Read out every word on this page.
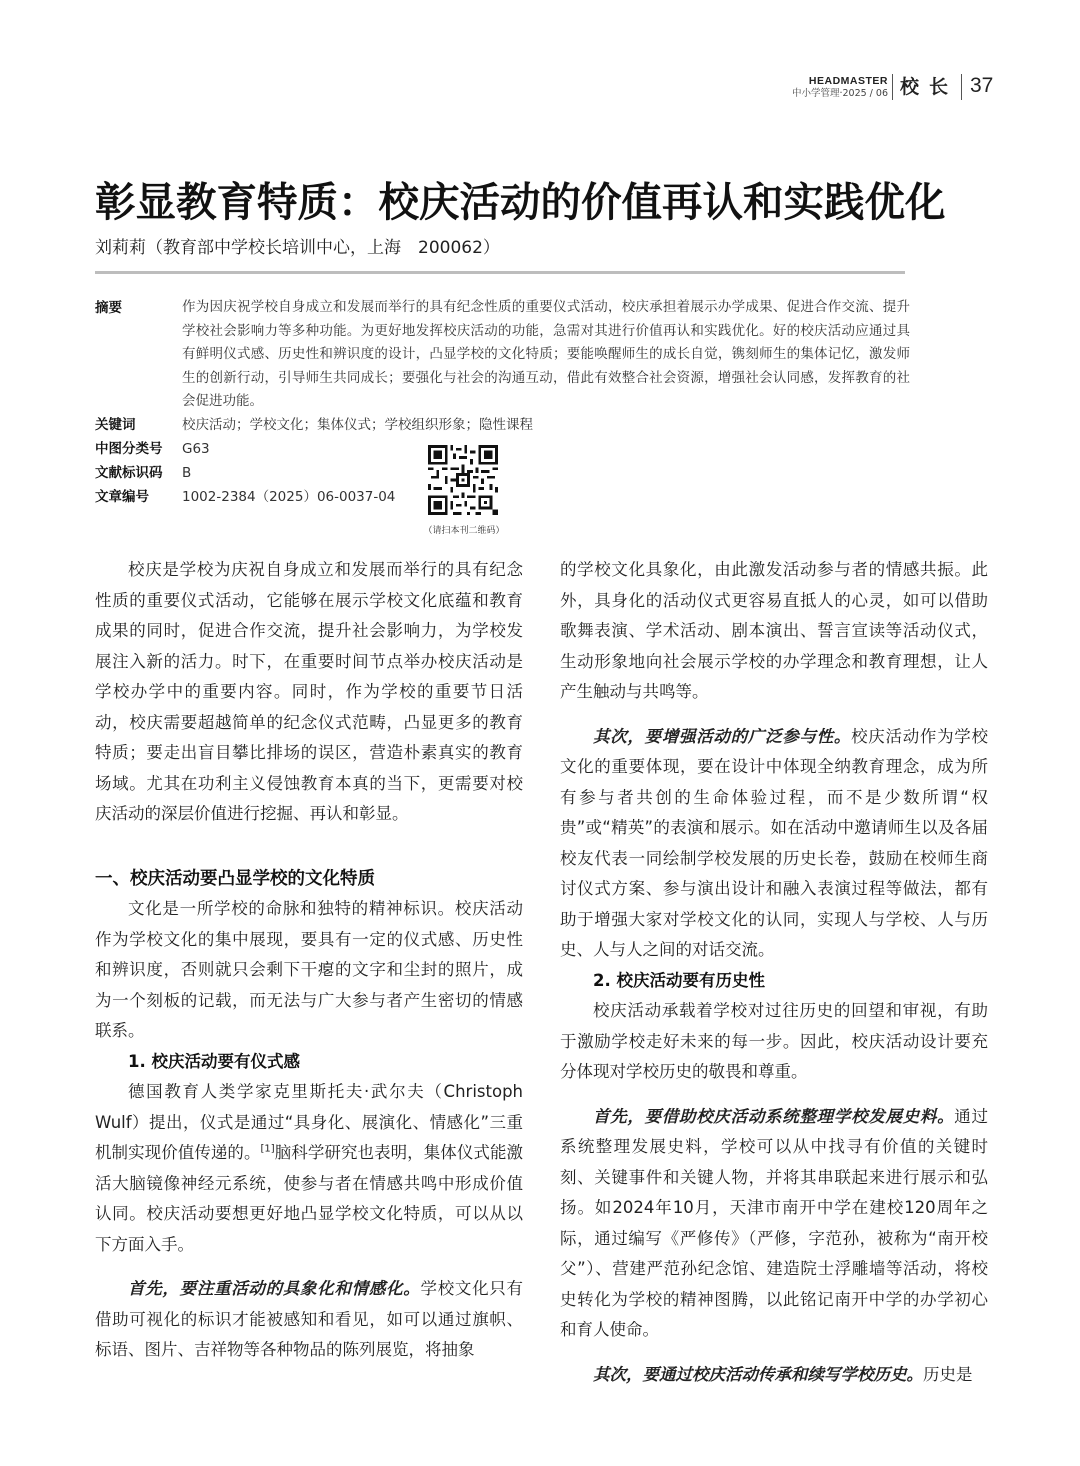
HEADMASTER
中小学管理·2025 / 06 校长 37
彰显教育特质：校庆活动的价值再认和实践优化
刘莉莉（教育部中学校长培训中心，上海　200062）
摘要	作为因庆祝学校自身成立和发展而举行的具有纪念性质的重要仪式活动，校庆承担着展示办学成果、促进合作交流、提升学校社会影响力等多种功能。为更好地发挥校庆活动的功能，急需对其进行价值再认和实践优化。好的校庆活动应通过具有鲜明仪式感、历史性和辨识度的设计，凸显学校的文化特质；要能唤醒师生的成长自觉，镌刻师生的集体记忆，激发师生的创新行动，引导师生共同成长；要强化与社会的沟通互动，借此有效整合社会资源，增强社会认同感，发挥教育的社会促进功能。
关键词	校庆活动；学校文化；集体仪式；学校组织形象；隐性课程
中图分类号 G63
文献标识码 B
文章编号 1002-2384（2025）06-0037-04
（请扫本刊二维码）

校庆是学校为庆祝自身成立和发展而举行的具有纪念性质的重要仪式活动，它能够在展示学校文化底蕴和教育成果的同时，促进合作交流，提升社会影响力，为学校发展注入新的活力。时下，在重要时间节点举办校庆活动是学校办学中的重要内容。同时，作为学校的重要节日活动，校庆需要超越简单的纪念仪式范畴，凸显更多的教育特质；要走出盲目攀比排场的误区，营造朴素真实的教育场域。尤其在功利主义侵蚀教育本真的当下，更需要对校庆活动的深层价值进行挖掘、再认和彰显。

一、校庆活动要凸显学校的文化特质

文化是一所学校的命脉和独特的精神标识。校庆活动作为学校文化的集中展现，要具有一定的仪式感、历史性和辨识度，否则就只会剩下干瘪的文字和尘封的照片，成为一个刻板的记载，而无法与广大参与者产生密切的情感联系。

1. 校庆活动要有仪式感

德国教育人类学家克里斯托夫·武尔夫（Christoph Wulf）提出，仪式是通过“具身化、展演化、情感化”三重机制实现价值传递的。[1]脑科学研究也表明，集体仪式能激活大脑镜像神经元系统，使参与者在情感共鸣中形成价值认同。校庆活动要想更好地凸显学校文化特质，可以从以下方面入手。

首先，要注重活动的具象化和情感化。学校文化只有借助可视化的标识才能被感知和看见，如可以通过旗帜、标语、图片、吉祥物等各种物品的陈列展览，将抽象

的学校文化具象化，由此激发活动参与者的情感共振。此外，具身化的活动仪式更容易直抵人的心灵，如可以借助歌舞表演、学术活动、剧本演出、誓言宣读等活动仪式，生动形象地向社会展示学校的办学理念和教育理想，让人产生触动与共鸣等。

其次，要增强活动的广泛参与性。校庆活动作为学校文化的重要体现，要在设计中体现全纳教育理念，成为所有参与者共创的生命体验过程，而不是少数所谓“权贵”或“精英”的表演和展示。如在活动中邀请师生以及各届校友代表一同绘制学校发展的历史长卷，鼓励在校师生商讨仪式方案、参与演出设计和融入表演过程等做法，都有助于增强大家对学校文化的认同，实现人与学校、人与历史、人与人之间的对话交流。

2. 校庆活动要有历史性

校庆活动承载着学校对过往历史的回望和审视，有助于激励学校走好未来的每一步。因此，校庆活动设计要充分体现对学校历史的敬畏和尊重。

首先，要借助校庆活动系统整理学校发展史料。通过系统整理发展史料，学校可以从中找寻有价值的关键时刻、关键事件和关键人物，并将其串联起来进行展示和弘扬。如2024年10月，天津市南开中学在建校120周年之际，通过编写《严修传》（严修，字范孙，被称为“南开校父”）、营建严范孙纪念馆、建造院士浮雕墙等活动，将校史转化为学校的精神图腾，以此铭记南开中学的办学初心和育人使命。

其次，要通过校庆活动传承和续写学校历史。历史是
